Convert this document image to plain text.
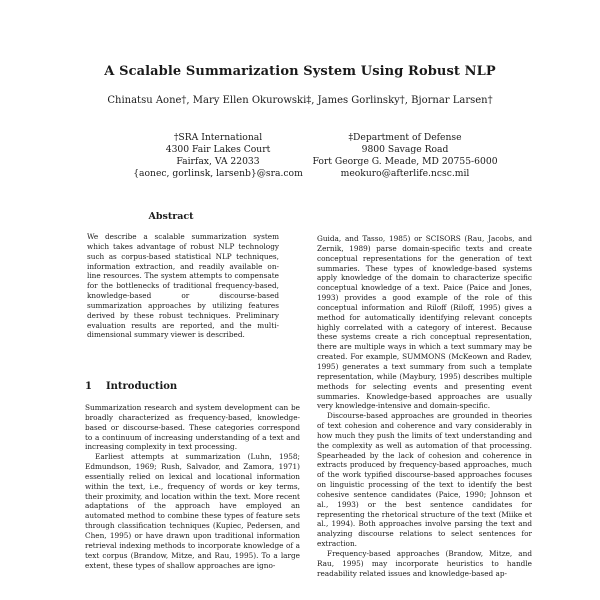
A Scalable Summarization System Using Robust NLP
Chinatsu Aone†, Mary Ellen Okurowski‡, James Gorlinsky†, Bjornar Larsen†
†SRA International
4300 Fair Lakes Court
Fairfax, VA 22033
{aonec, gorlinsk, larsenb}@sra.com
‡Department of Defense
9800 Savage Road
Fort George G. Meade, MD 20755-6000
meokuro@afterlife.ncsc.mil
Abstract

We describe a scalable summarization system which takes advantage of robust NLP technology such as corpus-based statistical NLP techniques, information extraction, and readily available on-line resources. The system attempts to compensate for the bottlenecks of traditional frequency-based, knowledge-based or discourse-based summarization approaches by utilizing features derived by these robust techniques. Preliminary evaluation results are reported, and the multi-dimensional summary viewer is described.

1 Introduction

Summarization research and system development can be broadly characterized as frequency-based, knowledge-based or discourse-based. These categories correspond to a continuum of increasing understanding of a text and increasing complexity in text processing.

Earliest attempts at summarization (Luhn, 1958; Edmundson, 1969; Rush, Salvador, and Zamora, 1971) essentially relied on lexical and locational information within the text, i.e., frequency of words or key terms, their proximity, and location within the text. More recent adaptations of the approach have employed an automated method to combine these types of feature sets through classification techniques (Kupiec, Pedersen, and Chen, 1995) or have drawn upon traditional information retrieval indexing methods to incorporate knowledge of a text corpus (Brandow, Mitze, and Rau, 1995). To a large extent, these types of shallow approaches are igno-

Guida, and Tasso, 1985) or SCISORS (Rau, Jacobs, and Zernik, 1989) parse domain-specific texts and create conceptual representations for the generation of text summaries. These types of knowledge-based systems apply knowledge of the domain to characterize specific conceptual knowledge of a text. Paice (Paice and Jones, 1993) provides a good example of the role of this conceptual information and Riloff (Riloff, 1995) gives a method for automatically identifying relevant concepts highly correlated with a category of interest. Because these systems create a rich conceptual representation, there are multiple ways in which a text summary may be created. For example, SUMMONS (McKeown and Radev, 1995) generates a text summary from such a template representation, while (Maybury, 1995) describes multiple methods for selecting events and presenting event summaries. Knowledge-based approaches are usually very knowledge-intensive and domain-specific.

Discourse-based approaches are grounded in theories of text cohesion and coherence and vary considerably in how much they push the limits of text understanding and the complexity as well as automation of that processing. Spearheaded by the lack of cohesion and coherence in extracts produced by frequency-based approaches, much of the work typified discourse-based approaches focuses on linguistic processing of the text to identify the best cohesive sentence candidates (Paice, 1990; Johnson et al., 1993) or the best sentence candidates for representing the rhetorical structure of the text (Miike et al., 1994). Both approaches involve parsing the text and analyzing discourse relations to select sentences for extraction.

Frequency-based approaches (Brandow, Mitze, and Rau, 1995) may incorporate heuristics to handle readability related issues and knowledge-based ap-
